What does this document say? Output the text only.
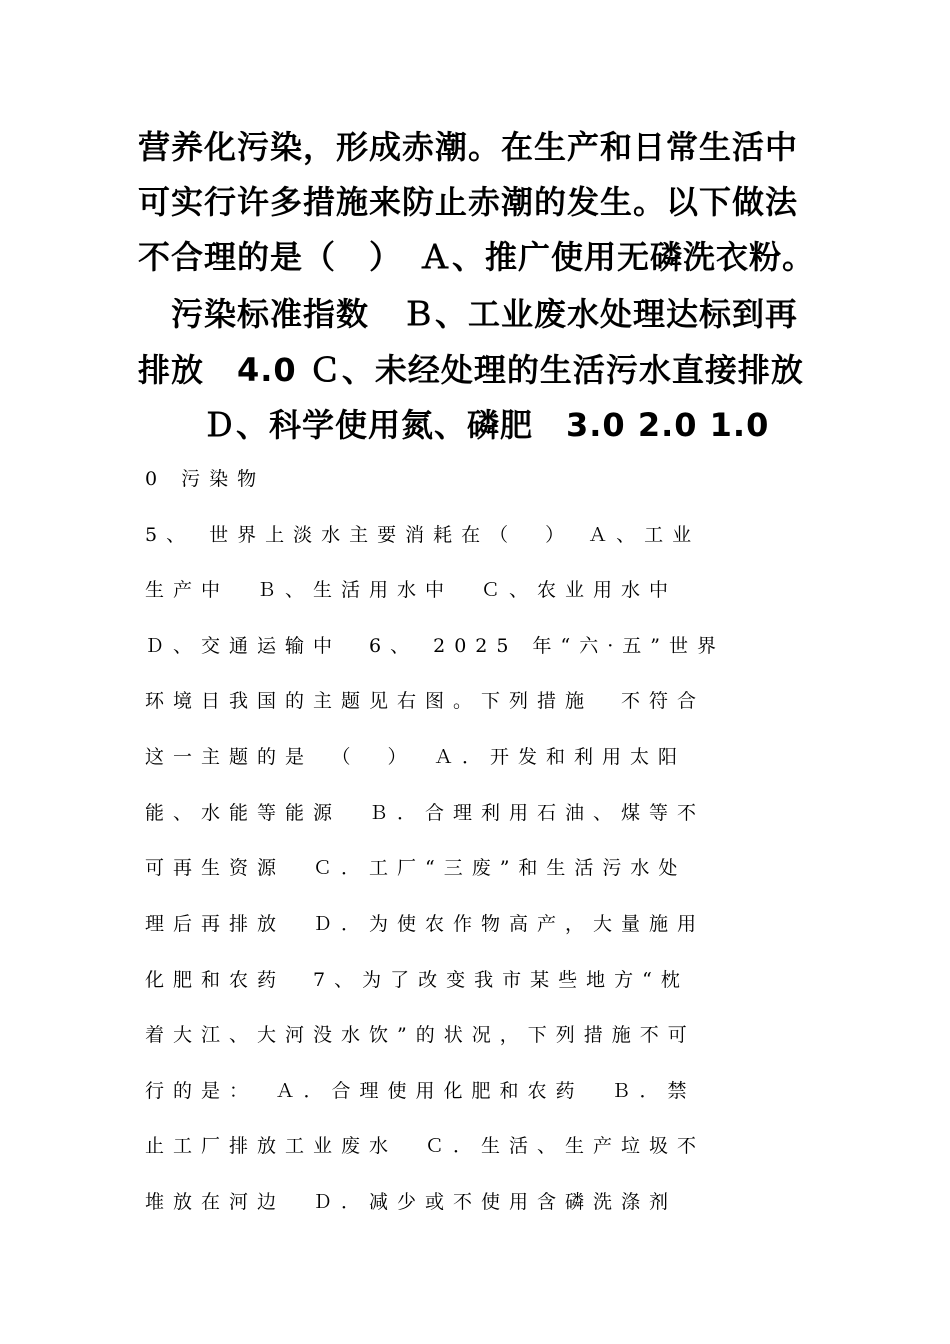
营养化污染，形成赤潮。在生产和日常生活中
可实行许多措施来防止赤潮的发生。以下做法
不合理的是（　）　Ａ、推广使用无磷洗衣粉。
　污染标准指数　Ｂ、工业废水处理达标到再
排放　4.0 Ｃ、未经处理的生活污水直接排放
　Ｄ、科学使用氮、磷肥　3.0 2.0 1.0
0 污染物
5、 世界上淡水主要消耗在（　） Ａ、工业
生产中　Ｂ、生活用水中　Ｃ、农业用水中
Ｄ、交通运输中　6、 2025 年“六·五”世界
环境日我国的主题见右图。下列措施　不符合
这一主题的是　（　）　Ａ．开发和利用太阳
能、水能等能源　Ｂ．合理利用石油、煤等不
可再生资源　Ｃ．工厂“三废”和生活污水处
理后再排放　Ｄ．为使农作物高产，大量施用
化肥和农药　7、为了改变我市某些地方“枕
着大江、大河没水饮”的状况，下列措施不可
行的是：　Ａ．合理使用化肥和农药　Ｂ．禁
止工厂排放工业废水　Ｃ．生活、生产垃圾不
堆放在河边　Ｄ．减少或不使用含磷洗涤剂
